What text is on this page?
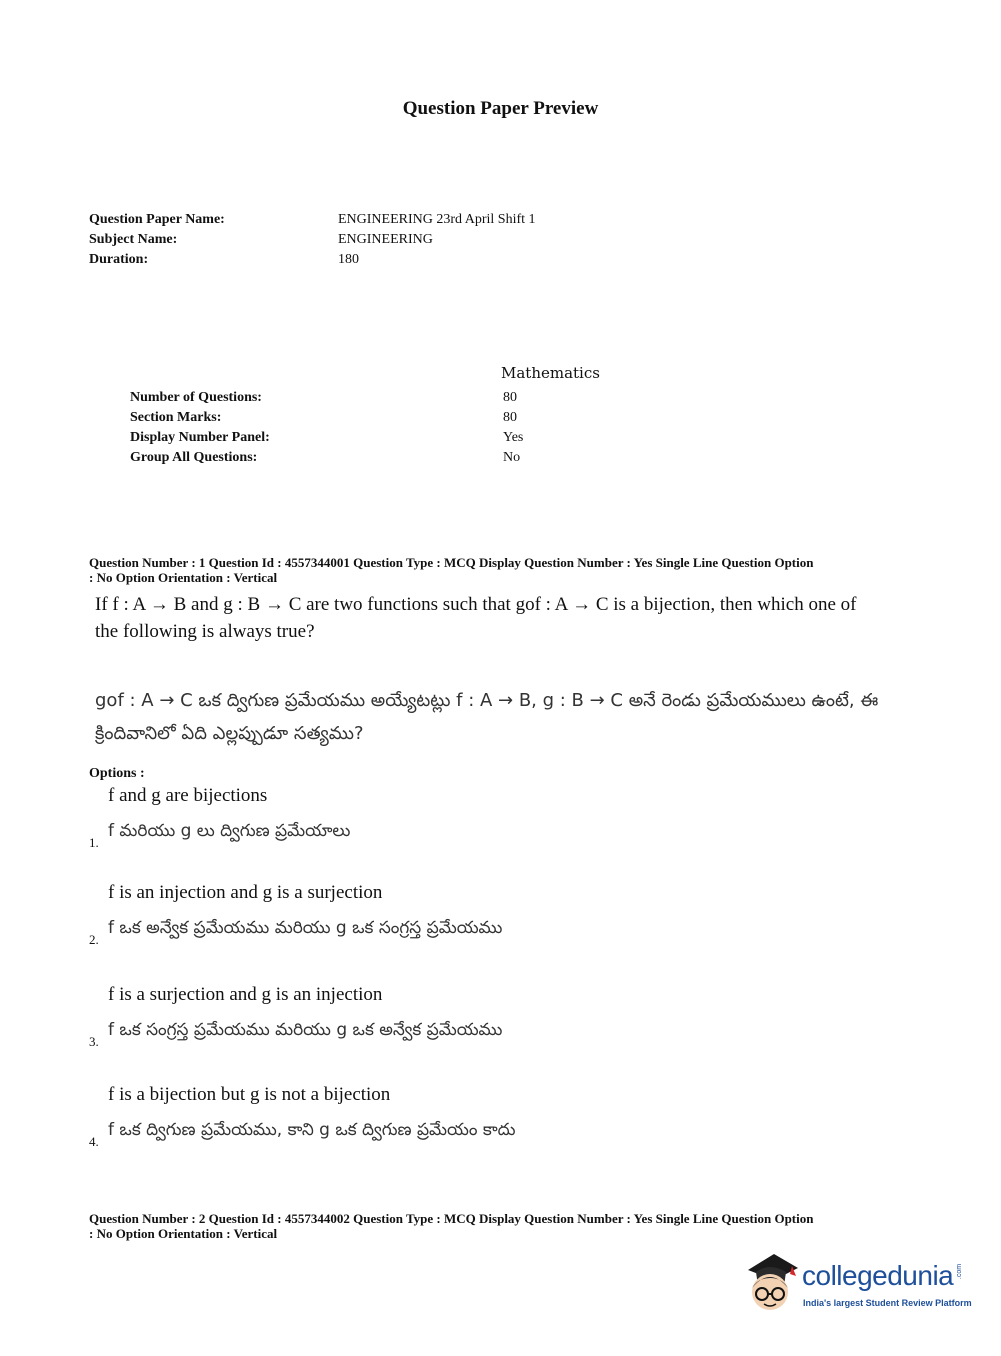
Question Paper Preview
Question Paper Name:	ENGINEERING 23rd April Shift 1
Subject Name:	ENGINEERING
Duration:	180
Mathematics
Number of Questions:	80
Section Marks:	80
Display Number Panel:	Yes
Group All Questions:	No
Question Number : 1 Question Id : 4557344001 Question Type : MCQ Display Question Number : Yes Single Line Question Option
: No Option Orientation : Vertical
If f : A → B and g : B → C are two functions such that gof : A → C is a bijection, then which one of the following is always true?
gof : A → C ఒక ద్విగుణ ప్రమేయము అయ్యేటట్లు f : A → B, g : B → C అనే రెండు ప్రమేయములు ఉంటే, ఈ క్రిందివానిలో ఏది ఎల్లప్పుడూ సత్యము?
Options :
f and g are bijections
f మరియు g లు ద్విగుణ ప్రమేయాలు
1.
f is an injection and g is a surjection
f ఒక అన్వేక ప్రమేయము మరియు g ఒక సంగ్రస్త ప్రమేయము
2.
f is a surjection and g is an injection
f ఒక సంగ్రస్త ప్రమేయము మరియు g ఒక అన్వేక ప్రమేయము
3.
f is a bijection but g is not a bijection
f ఒక ద్విగుణ ప్రమేయము, కాని g ఒక ద్విగుణ ప్రమేయం కాదు
4.
Question Number : 2 Question Id : 4557344002 Question Type : MCQ Display Question Number : Yes Single Line Question Option
: No Option Orientation : Vertical
collegedunia .com
India's largest Student Review Platform
